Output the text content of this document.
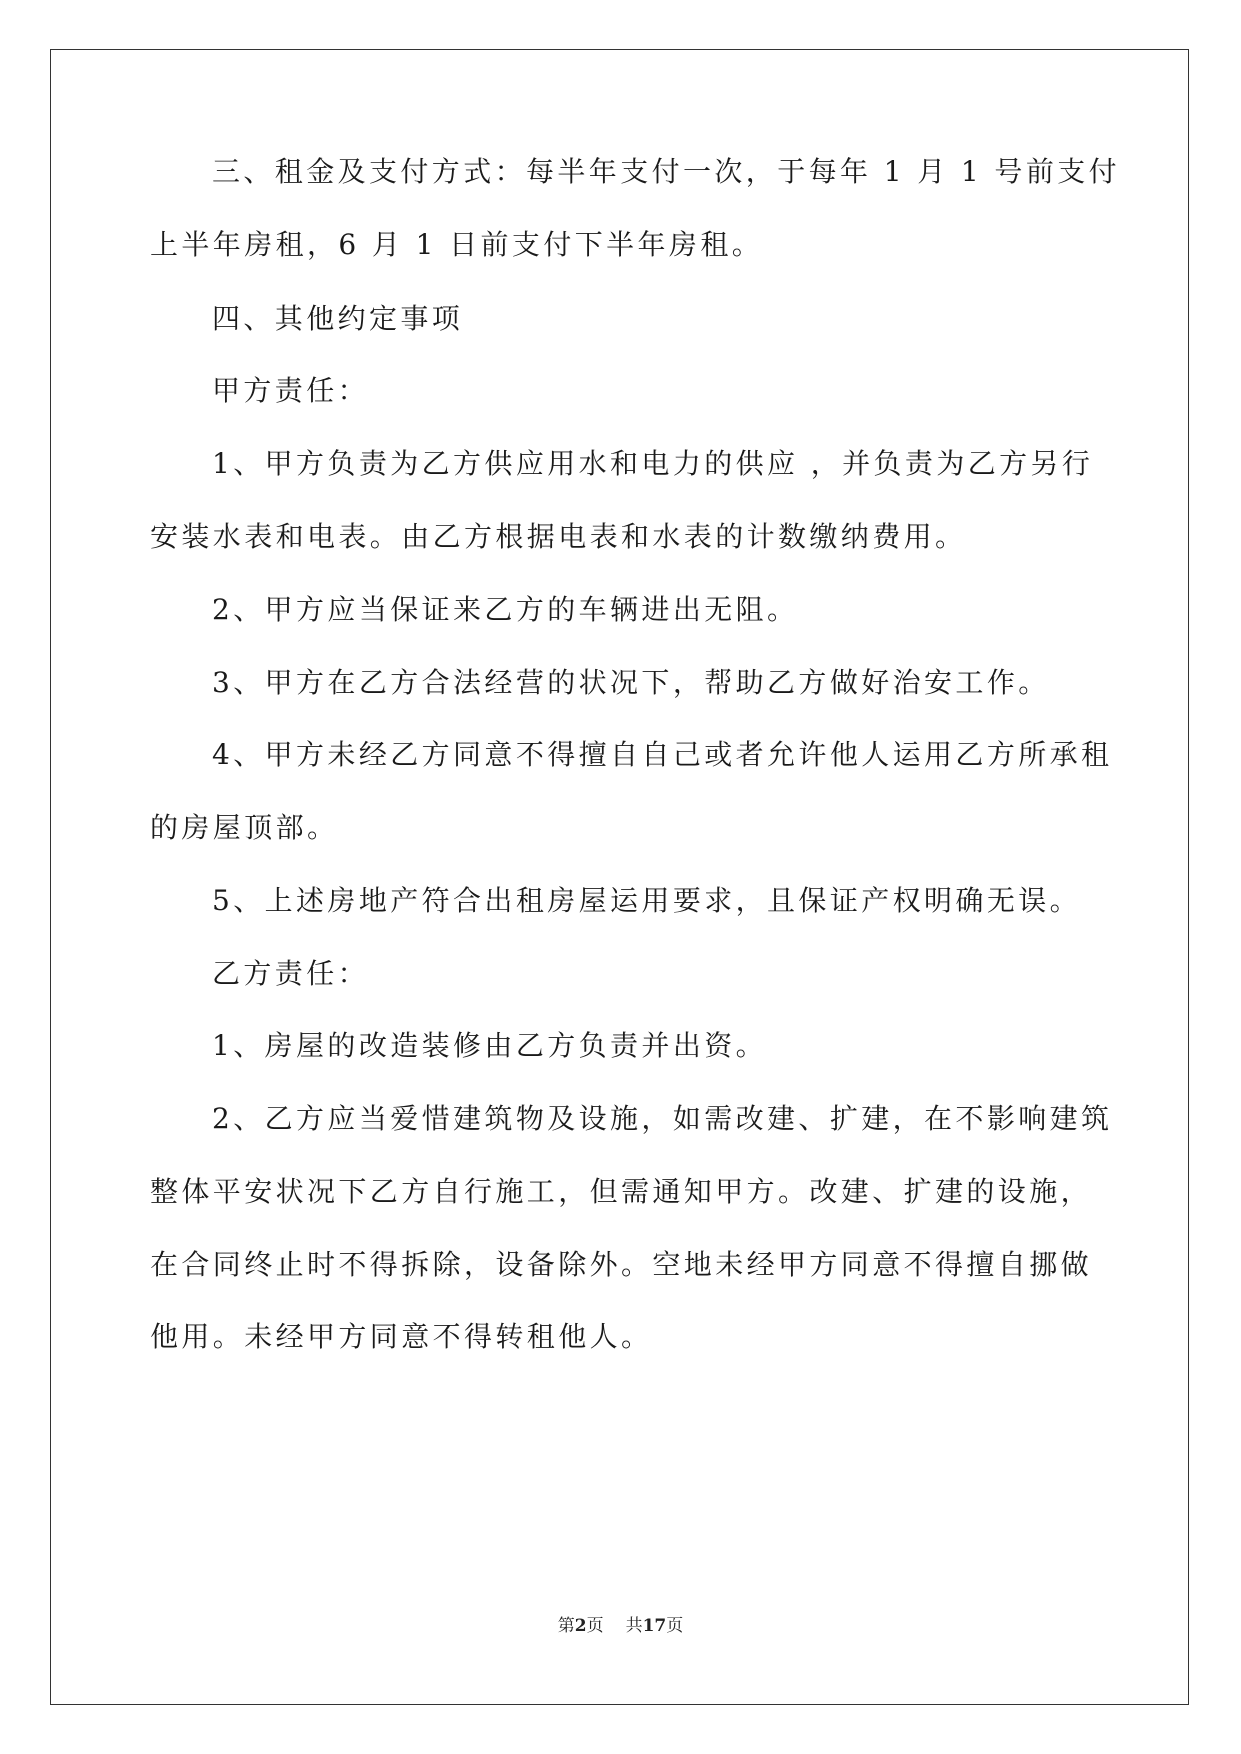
三、租金及支付方式：每半年支付一次，于每年 1 月 1 号前支付
上半年房租，6 月 1 日前支付下半年房租。
四、其他约定事项
甲方责任：
1、甲方负责为乙方供应用水和电力的供应 ，并负责为乙方另行
安装水表和电表。由乙方根据电表和水表的计数缴纳费用。
2、甲方应当保证来乙方的车辆进出无阻。
3、甲方在乙方合法经营的状况下，帮助乙方做好治安工作。
4、甲方未经乙方同意不得擅自自己或者允许他人运用乙方所承租
的房屋顶部。
5、上述房地产符合出租房屋运用要求，且保证产权明确无误。
乙方责任：
1、房屋的改造装修由乙方负责并出资。
2、乙方应当爱惜建筑物及设施，如需改建、扩建，在不影响建筑
整体平安状况下乙方自行施工，但需通知甲方。改建、扩建的设施，
在合同终止时不得拆除，设备除外。空地未经甲方同意不得擅自挪做
他用。未经甲方同意不得转租他人。
第2页 共17页
